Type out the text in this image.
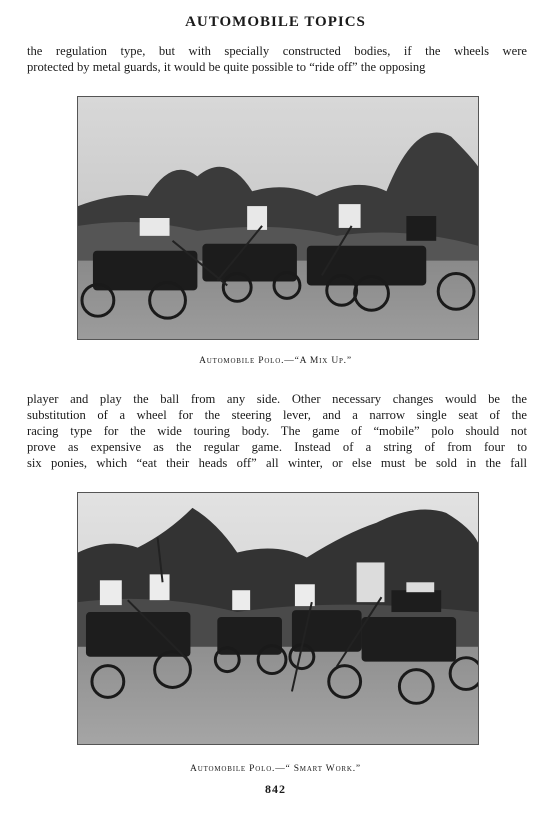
AUTOMOBILE TOPICS

the regulation type, but with specially constructed bodies, if the wheels were
protected by metal guards, it would be quite possible to “ride off” the opposing

Automobile Polo.—“A Mix Up.”

player and play the ball from any side. Other necessary changes would be the
substitution of a wheel for the steering lever, and a narrow single seat of the
racing type for the wide touring body. The game of “mobile” polo should not
prove as expensive as the regular game. Instead of a string of from four to
six ponies, which “eat their heads off” all winter, or else must be sold in the fall

Automobile Polo.—“ Smart Work.”
842
